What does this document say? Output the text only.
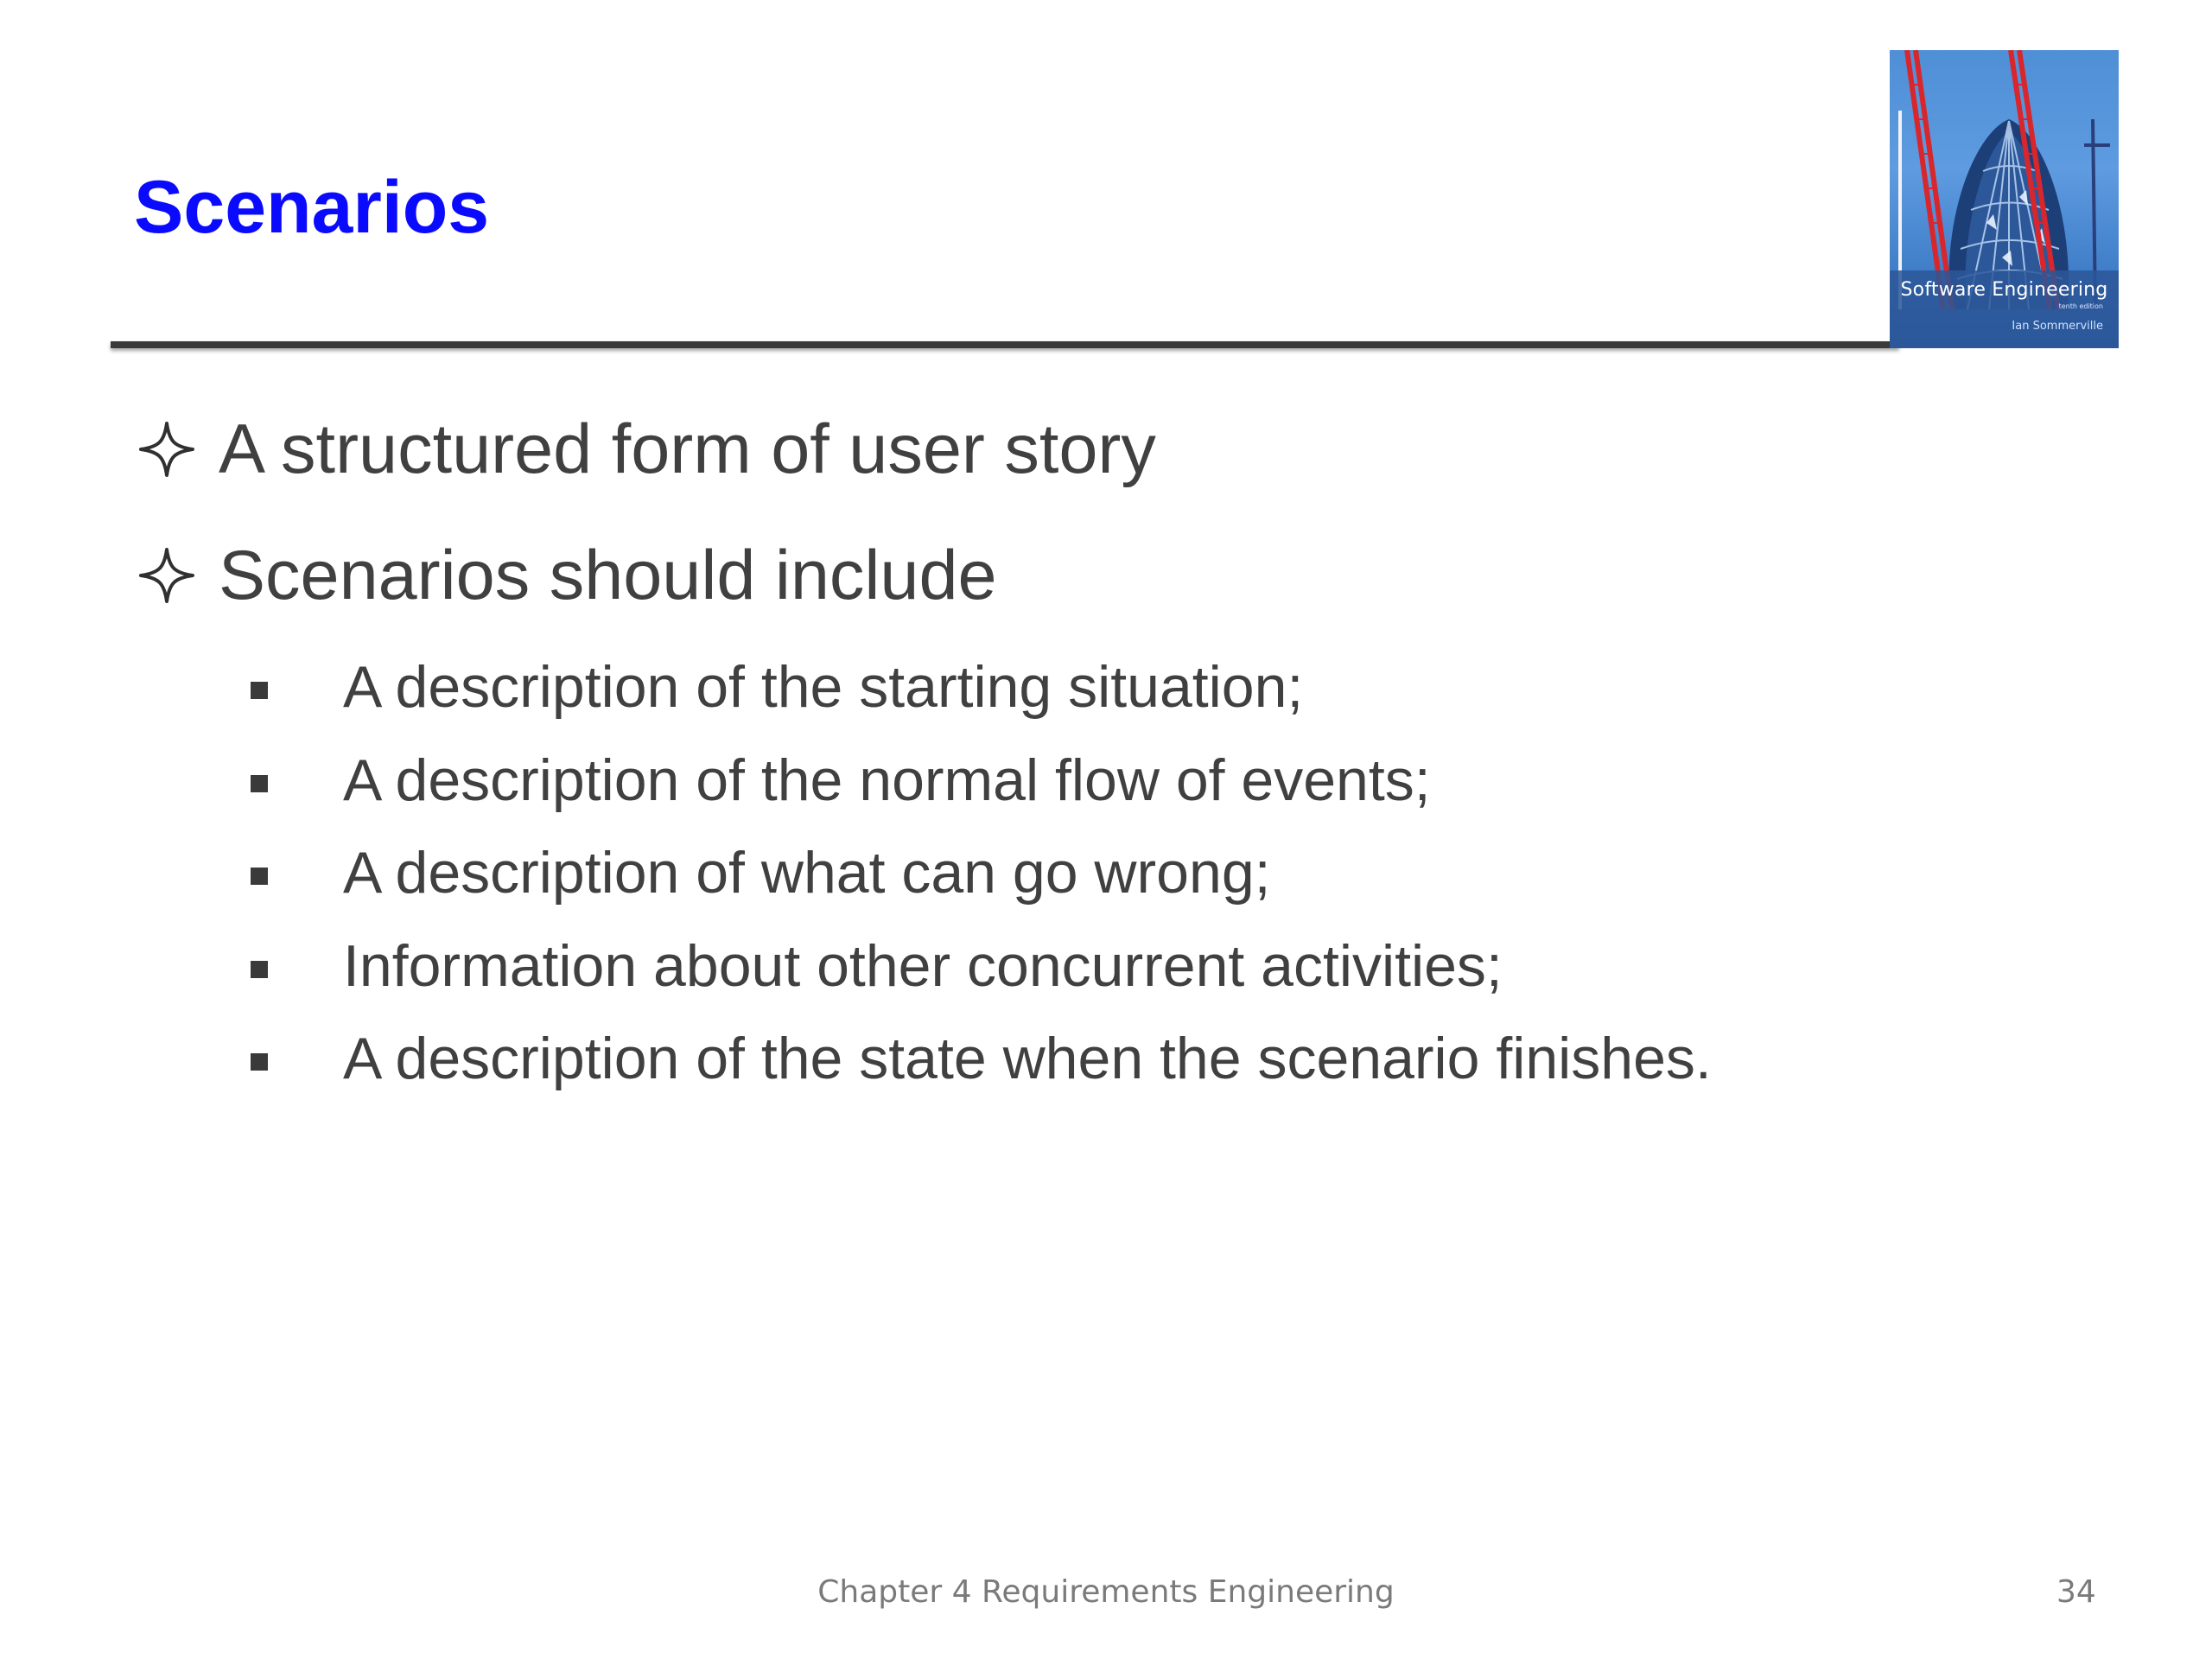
Scenarios
Software Engineering
tenth edition
Ian Sommerville
A structured form of user story
Scenarios should include
A description of the starting situation;
A description of the normal flow of events;
A description of what can go wrong;
Information about other concurrent activities;
A description of the state when the scenario finishes.
Chapter 4 Requirements Engineering	34
